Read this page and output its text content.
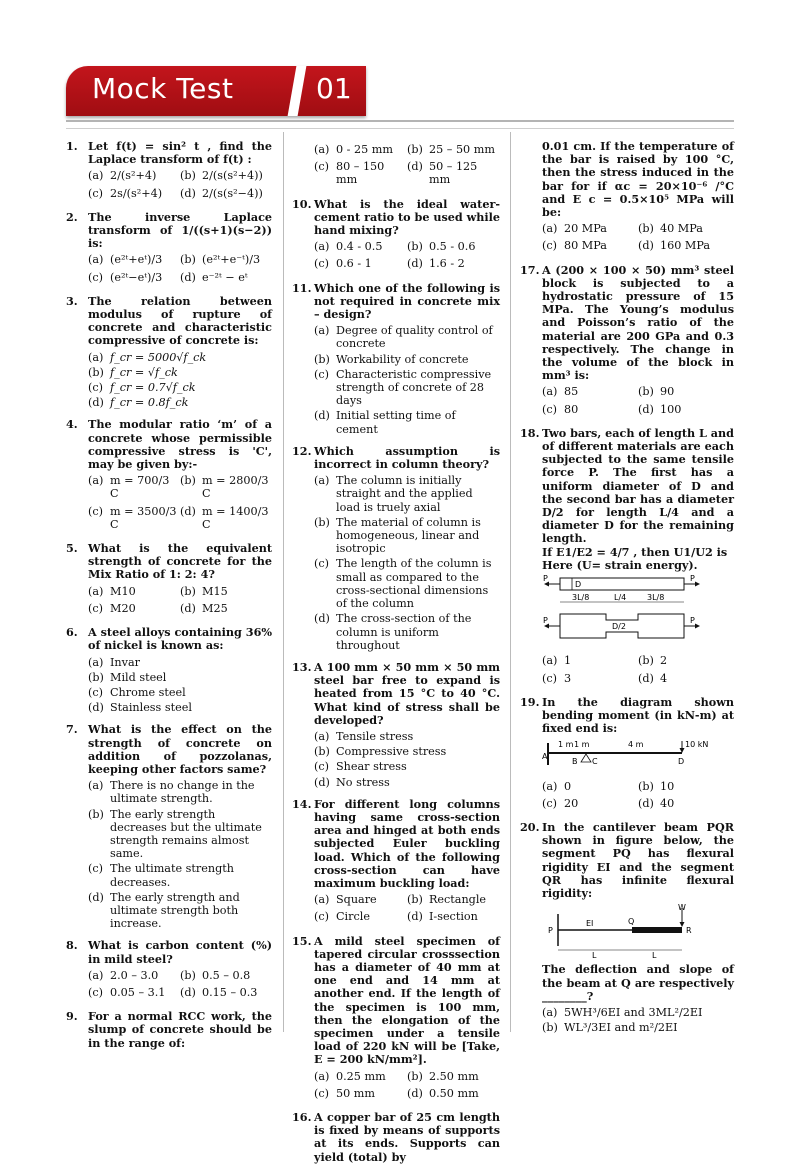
Mock Test	01
1. Let f(t) = sin² t , find the Laplace transform of f(t) :
(a) 2/(s²+4)	(b) 2/(s(s²+4))
(c) 2s/(s²+4)	(d) 2/(s(s²−4))
2. The inverse Laplace transform of 1/((s+1)(s−2)) is:
(a) (e²ᵗ+eᵗ)/3	(b) (e²ᵗ+e⁻ᵗ)/3
(c) (e²ᵗ−eᵗ)/3	(d) e⁻²ᵗ − eᵗ
3. The relation between modulus of rupture of concrete and characteristic compressive of concrete is:
(a) f_cr = 5000√f_ck
(b) f_cr = √f_ck
(c) f_cr = 0.7√f_ck
(d) f_cr = 0.8f_ck
4. The modular ratio ‘m’ of a concrete whose permissible compressive stress is 'C', may be given by:-
(a) m = 700/3 C
(b) m = 2800/3 C
(c) m = 3500/3 C
(d) m = 1400/3 C
5. What is the equivalent strength of concrete for the Mix Ratio of 1: 2: 4?
(a) M10	(b) M15
(c) M20	(d) M25
6. A steel alloys containing 36% of nickel is known as:
(a) Invar
(b) Mild steel
(c) Chrome steel
(d) Stainless steel
7. What is the effect on the strength of concrete on addition of pozzolanas, keeping other factors same?
(a) There is no change in the ultimate strength.
(b) The early strength decreases but the ultimate strength remains almost same.
(c) The ultimate strength decreases.
(d) The early strength and ultimate strength both increase.
8. What is carbon content (%) in mild steel?
(a) 2.0 – 3.0	(b) 0.5 – 0.8
(c) 0.05 – 3.1	(d) 0.15 – 0.3
9. For a normal RCC work, the slump of concrete should be in the range of:
(a) 0 - 25 mm	(b) 25 – 50 mm
(c) 80 – 150 mm
(d) 50 – 125 mm
10. What is the ideal water-cement ratio to be used while hand mixing?
(a) 0.4 - 0.5	(b) 0.5 - 0.6
(c) 0.6 - 1	(d) 1.6 - 2
11. Which one of the following is not required in concrete mix – design?
(a) Degree of quality control of concrete
(b) Workability of concrete
(c) Characteristic compressive strength of concrete of 28 days
(d) Initial setting time of cement
12. Which assumption is incorrect in column theory?
(a) The column is initially straight and the applied load is truely axial
(b) The material of column is homogeneous, linear and isotropic
(c) The length of the column is small as compared to the cross-sectional dimensions of the column
(d) The cross-section of the column is uniform throughout
13. A 100 mm × 50 mm × 50 mm steel bar free to expand is heated from 15 °C to 40 °C. What kind of stress shall be developed?
(a) Tensile stress
(b) Compressive stress
(c) Shear stress
(d) No stress
14. For different long columns having same cross-section area and hinged at both ends subjected Euler buckling load. Which of the following cross-section can have maximum buckling load:
(a) Square	(b) Rectangle
(c) Circle	(d) I-section
15. A mild steel specimen of tapered circular crosssection has a diameter of 40 mm at one end and 14 mm at another end. If the length of the specimen is 100 mm, then the elongation of the specimen under a tensile load of 220 kN will be [Take, E = 200 kN/mm²].
(a) 0.25 mm	(b) 2.50 mm
(c) 50 mm	(d) 0.50 mm
16. A copper bar of 25 cm length is fixed by means of supports at its ends. Supports can yield (total) by
0.01 cm. If the temperature of the bar is raised by 100 °C, then the stress induced in the bar for if αc = 20×10⁻⁶ /°C and E c = 0.5×10⁵ MPa will be:
(a) 20 MPa	(b) 40 MPa
(c) 80 MPa	(d) 160 MPa
17. A (200 × 100 × 50) mm³ steel block is subjected to a hydrostatic pressure of 15 MPa. The Young’s modulus and Poisson’s ratio of the material are 200 GPa and 0.3 respectively. The change in the volume of the block in mm³ is:
(a) 85	(b) 90
(c) 80	(d) 100
18. Two bars, each of length L and of different materials are each subjected to the same tensile force P. The first has a uniform diameter of D and the second bar has a diameter D/2 for length L/4 and a diameter D for the remaining length.
If E1/E2 = 4/7 , then U1/U2 is
Here (U= strain energy).
P
D
P
3L/8	L/4	3L/8
P
D/2
P
(a) 1	(b) 2
(c) 3	(d) 4
19. In the diagram shown bending moment (in kN-m) at fixed end is:
1 m 1 m	4 m	10 kN
A
B C	D
(a) 0	(b) 10
(c) 20	(d) 40
20. In the cantilever beam PQR shown in figure below, the segment PQ has flexural rigidity EI and the segment QR has infinite flexural rigidity:
W
P
EI	Q
R
L	L
The deflection and slope of the beam at Q are respectively ________?
(a) 5WH³/6EI and 3ML²/2EI
(b) WL³/3EI and m²/2EI
